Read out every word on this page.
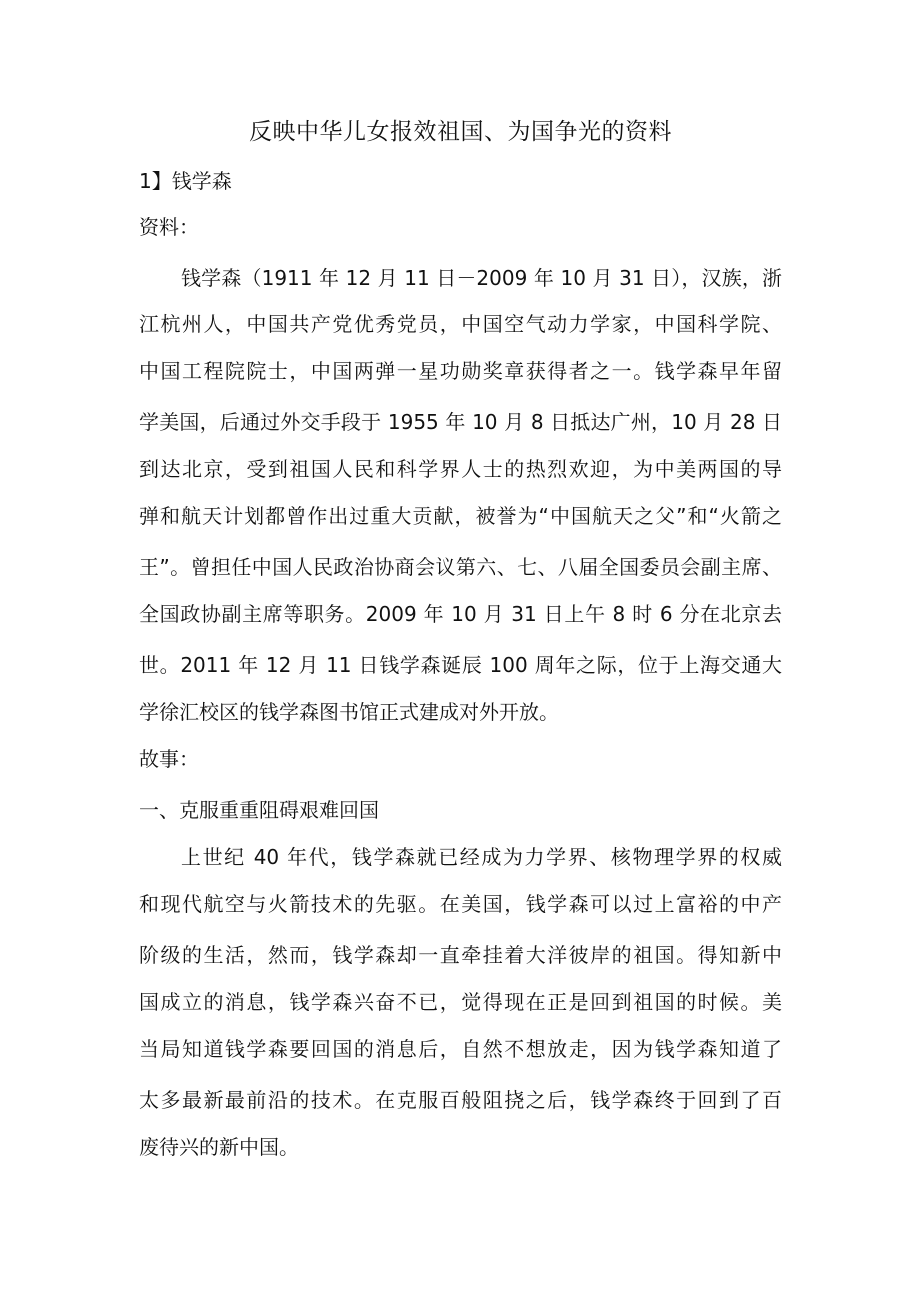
反映中华儿女报效祖国、为国争光的资料
1】钱学森
资料：
钱学森（1911 年 12 月 11 日－2009 年 10 月 31 日），汉族，浙
江杭州人，中国共产党优秀党员，中国空气动力学家，中国科学院、
中国工程院院士，中国两弹一星功勋奖章获得者之一。钱学森早年留
学美国，后通过外交手段于 1955 年 10 月 8 日抵达广州，10 月 28 日
到达北京，受到祖国人民和科学界人士的热烈欢迎，为中美两国的导
弹和航天计划都曾作出过重大贡献，被誉为“中国航天之父”和“火箭之
王”。曾担任中国人民政治协商会议第六、七、八届全国委员会副主席、
全国政协副主席等职务。2009 年 10 月 31 日上午 8 时 6 分在北京去
世。2011 年 12 月 11 日钱学森诞辰 100 周年之际，位于上海交通大
学徐汇校区的钱学森图书馆正式建成对外开放。
故事：
一、克服重重阻碍艰难回国
上世纪 40 年代，钱学森就已经成为力学界、核物理学界的权威
和现代航空与火箭技术的先驱。在美国，钱学森可以过上富裕的中产
阶级的生活，然而，钱学森却一直牵挂着大洋彼岸的祖国。得知新中
国成立的消息，钱学森兴奋不已，觉得现在正是回到祖国的时候。美
当局知道钱学森要回国的消息后，自然不想放走，因为钱学森知道了
太多最新最前沿的技术。在克服百般阻挠之后，钱学森终于回到了百
废待兴的新中国。
